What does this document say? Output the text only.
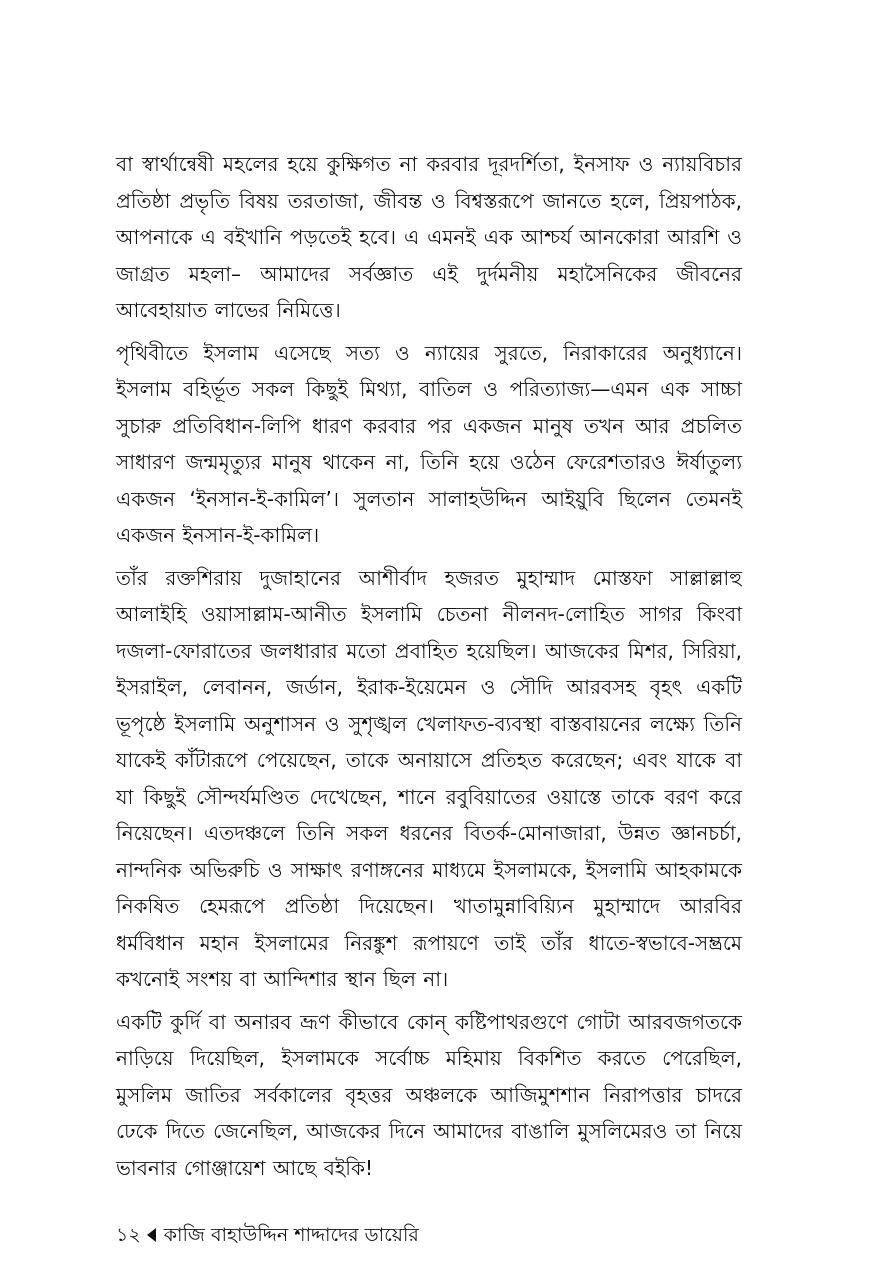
বা স্বার্থান্বেষী মহলের হয়ে কুক্ষিগত না করবার দূরদর্শিতা, ইনসাফ ও ন্যায়বিচার প্রতিষ্ঠা প্রভৃতি বিষয় তরতাজা, জীবন্ত ও বিশ্বস্তরূপে জানতে হলে, প্রিয়পাঠক, আপনাকে এ বইখানি পড়তেই হবে। এ এমনই এক আশ্চর্য আনকোরা আরশি ও জাগ্রত মহলা– আমাদের সর্বজ্ঞাত এই দুর্দমনীয় মহাসৈনিকের জীবনের আবেহায়াত লাভের নিমিত্তে।

পৃথিবীতে ইসলাম এসেছে সত্য ও ন্যায়ের সুরতে, নিরাকারের অনুধ্যানে। ইসলাম বহির্ভূত সকল কিছুই মিথ্যা, বাতিল ও পরিত্যাজ্য—এমন এক সাচ্চা সুচারু প্রতিবিধান-লিপি ধারণ করবার পর একজন মানুষ তখন আর প্রচলিত সাধারণ জন্মমৃত্যুর মানুষ থাকেন না, তিনি হয়ে ওঠেন ফেরেশতারও ঈর্ষাতুল্য একজন ‘ইনসান-ই-কামিল’। সুলতান সালাহউদ্দিন আইয়ুবি ছিলেন তেমনই একজন ইনসান-ই-কামিল।

তাঁর রক্তশিরায় দুজাহানের আশীর্বাদ হজরত মুহাম্মাদ মোস্তফা সাল্লাল্লাহু আলাইহি ওয়াসাল্লাম-আনীত ইসলামি চেতনা নীলনদ-লোহিত সাগর কিংবা দজলা-ফোরাতের জলধারার মতো প্রবাহিত হয়েছিল। আজকের মিশর, সিরিয়া, ইসরাইল, লেবানন, জর্ডান, ইরাক-ইয়েমেন ও সৌদি আরবসহ বৃহৎ একটি ভূপৃষ্ঠে ইসলামি অনুশাসন ও সুশৃঙ্খল খেলাফত-ব্যবস্থা বাস্তবায়নের লক্ষ্যে তিনি যাকেই কাঁটারূপে পেয়েছেন, তাকে অনায়াসে প্রতিহত করেছেন; এবং যাকে বা যা কিছুই সৌন্দর্যমণ্ডিত দেখেছেন, শানে রবুবিয়াতের ওয়াস্তে তাকে বরণ করে নিয়েছেন। এতদঞ্চলে তিনি সকল ধরনের বিতর্ক-মোনাজারা, উন্নত জ্ঞানচর্চা, নান্দনিক অভিরুচি ও সাক্ষাৎ রণাঙ্গনের মাধ্যমে ইসলামকে, ইসলামি আহকামকে নিকষিত হেমরূপে প্রতিষ্ঠা দিয়েছেন। খাতামুন্নাবিয়্যিন মুহাম্মাদে আরবির ধর্মবিধান মহান ইসলামের নিরঙ্কুশ রূপায়ণে তাই তাঁর ধাতে-স্বভাবে-সম্ভ্রমে কখনোই সংশয় বা আন্দিশার স্থান ছিল না।

একটি কুর্দি বা অনারব ভ্রূণ কীভাবে কোন্ কষ্টিপাথরগুণে গোটা আরবজগতকে নাড়িয়ে দিয়েছিল, ইসলামকে সর্বোচ্চ মহিমায় বিকশিত করতে পেরেছিল, মুসলিম জাতির সর্বকালের বৃহত্তর অঞ্চলকে আজিমুশশান নিরাপত্তার চাদরে ঢেকে দিতে জেনেছিল, আজকের দিনে আমাদের বাঙালি মুসলিমেরও তা নিয়ে ভাবনার গোঞ্জায়েশ আছে বইকি!

১২ কাজি বাহাউদ্দিন শাদ্দাদের ডায়েরি
